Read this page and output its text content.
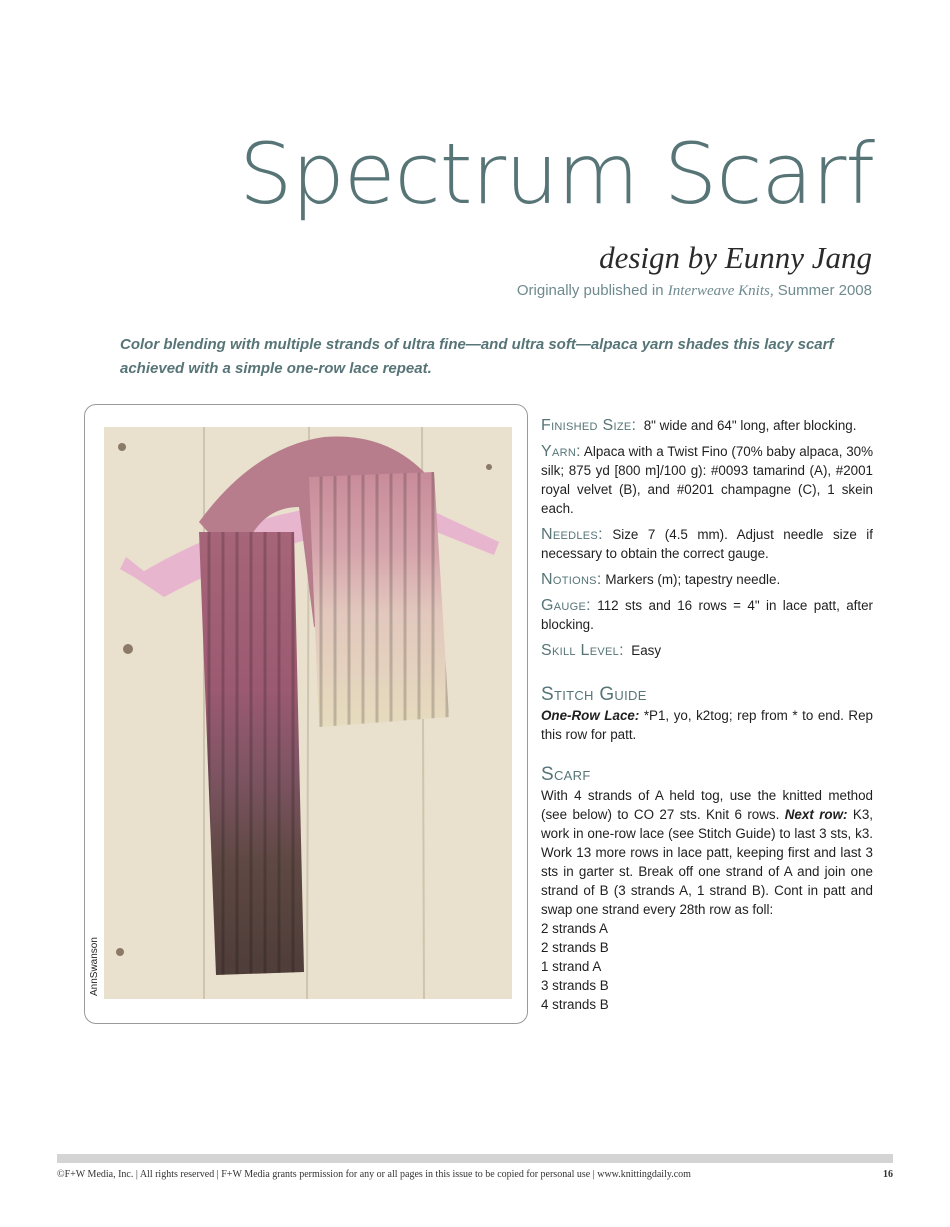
Spectrum Scarf
design by Eunny Jang
Originally published in Interweave Knits, Summer 2008
Color blending with multiple strands of ultra fine—and ultra soft—alpaca yarn shades this lacy scarf achieved with a simple one-row lace repeat.
AnnSwanson
Finished Size: 8" wide and 64" long, after blocking.
Yarn: Alpaca with a Twist Fino (70% baby alpaca, 30% silk; 875 yd [800 m]/100 g): #0093 tamarind (A), #2001 royal velvet (B), and #0201 champagne (C), 1 skein each.
Needles: Size 7 (4.5 mm). Adjust needle size if necessary to obtain the correct gauge.
Notions: Markers (m); tapestry needle.
Gauge: 112 sts and 16 rows = 4" in lace patt, after blocking.
Skill Level: Easy
Stitch Guide
One-Row Lace: *P1, yo, k2tog; rep from * to end. Rep this row for patt.
Scarf
With 4 strands of A held tog, use the knitted method (see below) to CO 27 sts. Knit 6 rows. Next row: K3, work in one-row lace (see Stitch Guide) to last 3 sts, k3. Work 13 more rows in lace patt, keeping first and last 3 sts in garter st. Break off one strand of A and join one strand of B (3 strands A, 1 strand B). Cont in patt and swap one strand every 28th row as foll:
2 strands A
2 strands B
1 strand A
3 strands B
4 strands B
©F+W Media, Inc. | All rights reserved | F+W Media grants permission for any or all pages in this issue to be copied for personal use | www.knittingdaily.com	16
